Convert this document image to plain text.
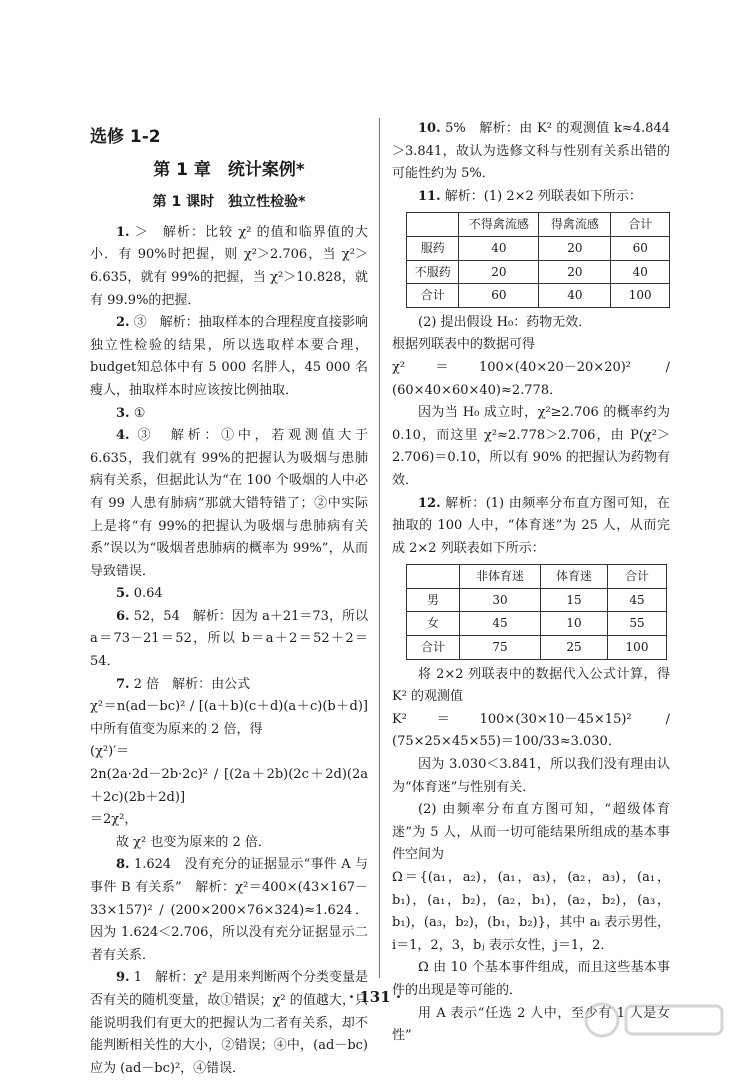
选修 1-2
第 1 章　统计案例*
第 1 课时　独立性检验*

1. ＞　解析：比较 χ² 的值和临界值的大小．有 90%时把握，则 χ²＞2.706，当 χ²＞6.635，就有 99%的把握，当 χ²＞10.828，就有 99.9%的把握．

2. ③　解析：抽取样本的合理程度直接影响独立性检验的结果，所以选取样本要合理，budget知总体中有 5 000 名胖人，45 000 名瘦人，抽取样本时应该按比例抽取．

3. ①

4. ③　解析：①中，若观测值大于 6.635，我们就有 99%的把握认为吸烟与患肺病有关系，但据此认为“在 100 个吸烟的人中必有 99 人患有肺病”那就大错特错了；②中实际上是将“有 99%的把握认为吸烟与患肺病有关系”误以为“吸烟者患肺病的概率为 99%”，从而导致错误．

5. 0.64

6. 52，54　解析：因为 a＋21＝73，所以 a＝73－21＝52，所以 b＝a＋2＝52＋2＝54．

7. 2 倍　解析：由公式

χ²＝n(ad－bc)² / [(a＋b)(c＋d)(a＋c)(b＋d)] 中所有值变为原来的 2 倍，得

(χ²)′＝

2n(2a·2d－2b·2c)² / [(2a＋2b)(2c＋2d)(2a＋2c)(2b＋2d)]

＝2χ²，

故 χ² 也变为原来的 2 倍．

8. 1.624　没有充分的证据显示“事件 A 与事件 B 有关系”　解析：χ²＝400×(43×167－33×157)² / (200×200×76×324)≈1.624．因为 1.624＜2.706，所以没有充分证据显示二者有关系．

9. 1　解析：χ² 是用来判断两个分类变量是否有关的随机变量，故①错误；χ² 的值越大，只能说明我们有更大的把握认为二者有关系，却不能判断相关性的大小，②错误；④中，(ad－bc) 应为 (ad－bc)²，④错误．

10. 5%　解析：由 K² 的观测值 k≈4.844＞3.841，故认为选修文科与性别有关系出错的可能性约为 5%．

11. 解析：(1) 2×2 列联表如下所示：

	不得禽流感	得禽流感	合计
服药	40	20	60
不服药	20	20	40
合计	60	40	100

(2) 提出假设 H₀：药物无效．

根据列联表中的数据可得

χ²＝100×(40×20－20×20)² / (60×40×60×40)≈2.778．

因为当 H₀ 成立时，χ²≥2.706 的概率约为 0.10，而这里 χ²≈2.778＞2.706，由 P(χ²＞2.706)＝0.10，所以有 90% 的把握认为药物有效．

12. 解析：(1) 由频率分布直方图可知，在抽取的 100 人中，“体育迷”为 25 人，从而完成 2×2 列联表如下所示：

	非体育迷	体育迷	合计
男	30	15	45
女	45	10	55
合计	75	25	100

将 2×2 列联表中的数据代入公式计算，得 K² 的观测值

K²＝100×(30×10－45×15)² / (75×25×45×55)＝100/33≈3.030．

因为 3.030＜3.841，所以我们没有理由认为“体育迷”与性别有关．

(2) 由频率分布直方图可知，“超级体育迷”为 5 人，从而一切可能结果所组成的基本事件空间为

Ω＝{(a₁，a₂)，(a₁，a₃)，(a₂，a₃)，(a₁，b₁)，(a₁，b₂)，(a₂，b₁)，(a₂，b₂)，(a₃，b₁)，(a₃，b₂)，(b₁，b₂)}，其中 aᵢ 表示男性，i＝1，2，3，bⱼ 表示女性，j＝1，2．

Ω 由 10 个基本事件组成，而且这些基本事件的出现是等可能的．

用 A 表示“任选 2 人中，至少有 1 人是女性”

· 131 ·
